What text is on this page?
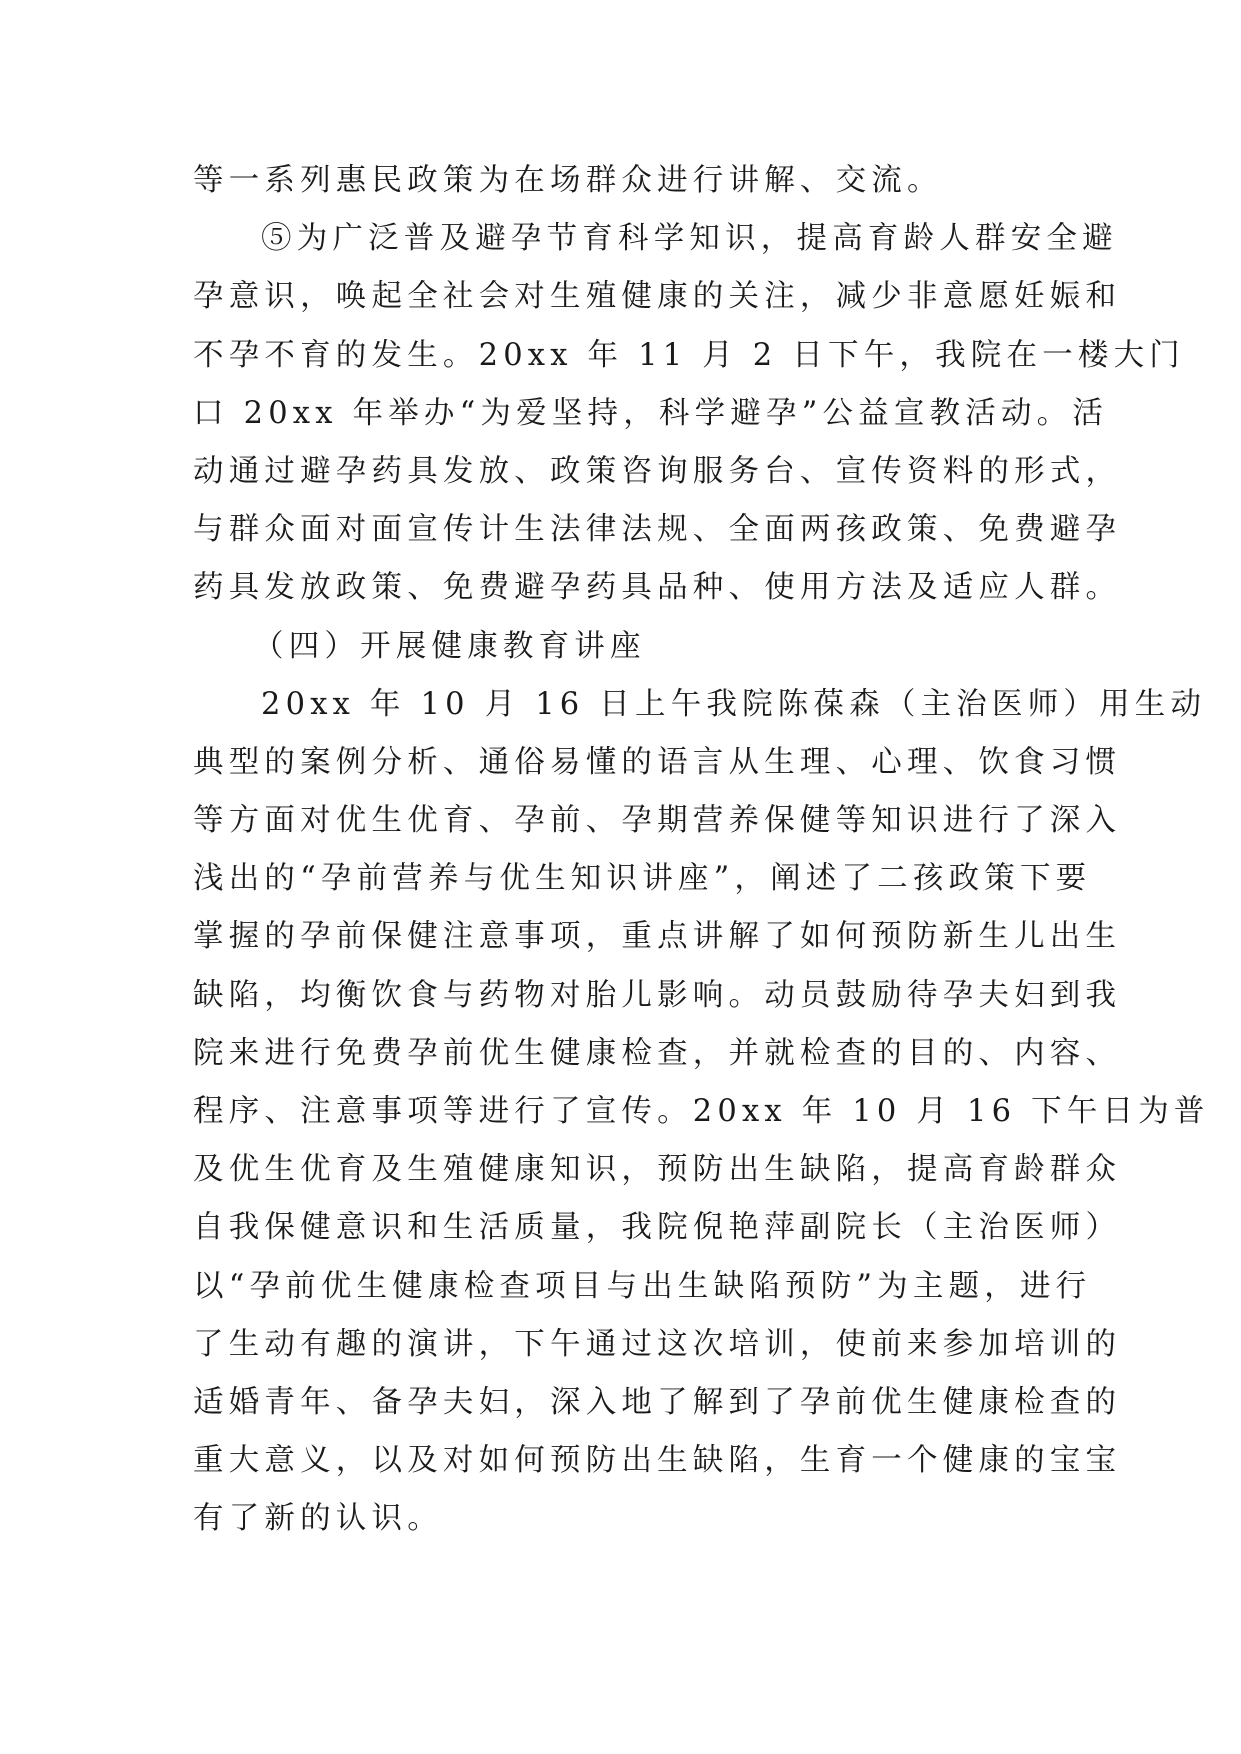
等一系列惠民政策为在场群众进行讲解、交流。
⑤为广泛普及避孕节育科学知识，提高育龄人群安全避
孕意识，唤起全社会对生殖健康的关注，减少非意愿妊娠和
不孕不育的发生。20xx 年 11 月 2 日下午，我院在一楼大门
口 20xx 年举办“为爱坚持，科学避孕”公益宣教活动。活
动通过避孕药具发放、政策咨询服务台、宣传资料的形式，
与群众面对面宣传计生法律法规、全面两孩政策、免费避孕
药具发放政策、免费避孕药具品种、使用方法及适应人群。
（四）开展健康教育讲座
20xx 年 10 月 16 日上午我院陈葆森（主治医师）用生动
典型的案例分析、通俗易懂的语言从生理、心理、饮食习惯
等方面对优生优育、孕前、孕期营养保健等知识进行了深入
浅出的“孕前营养与优生知识讲座”，阐述了二孩政策下要
掌握的孕前保健注意事项，重点讲解了如何预防新生儿出生
缺陷，均衡饮食与药物对胎儿影响。动员鼓励待孕夫妇到我
院来进行免费孕前优生健康检查，并就检查的目的、内容、
程序、注意事项等进行了宣传。20xx 年 10 月 16 下午日为普
及优生优育及生殖健康知识，预防出生缺陷，提高育龄群众
自我保健意识和生活质量，我院倪艳萍副院长（主治医师）
以“孕前优生健康检查项目与出生缺陷预防”为主题，进行
了生动有趣的演讲，下午通过这次培训，使前来参加培训的
适婚青年、备孕夫妇，深入地了解到了孕前优生健康检查的
重大意义，以及对如何预防出生缺陷，生育一个健康的宝宝
有了新的认识。
